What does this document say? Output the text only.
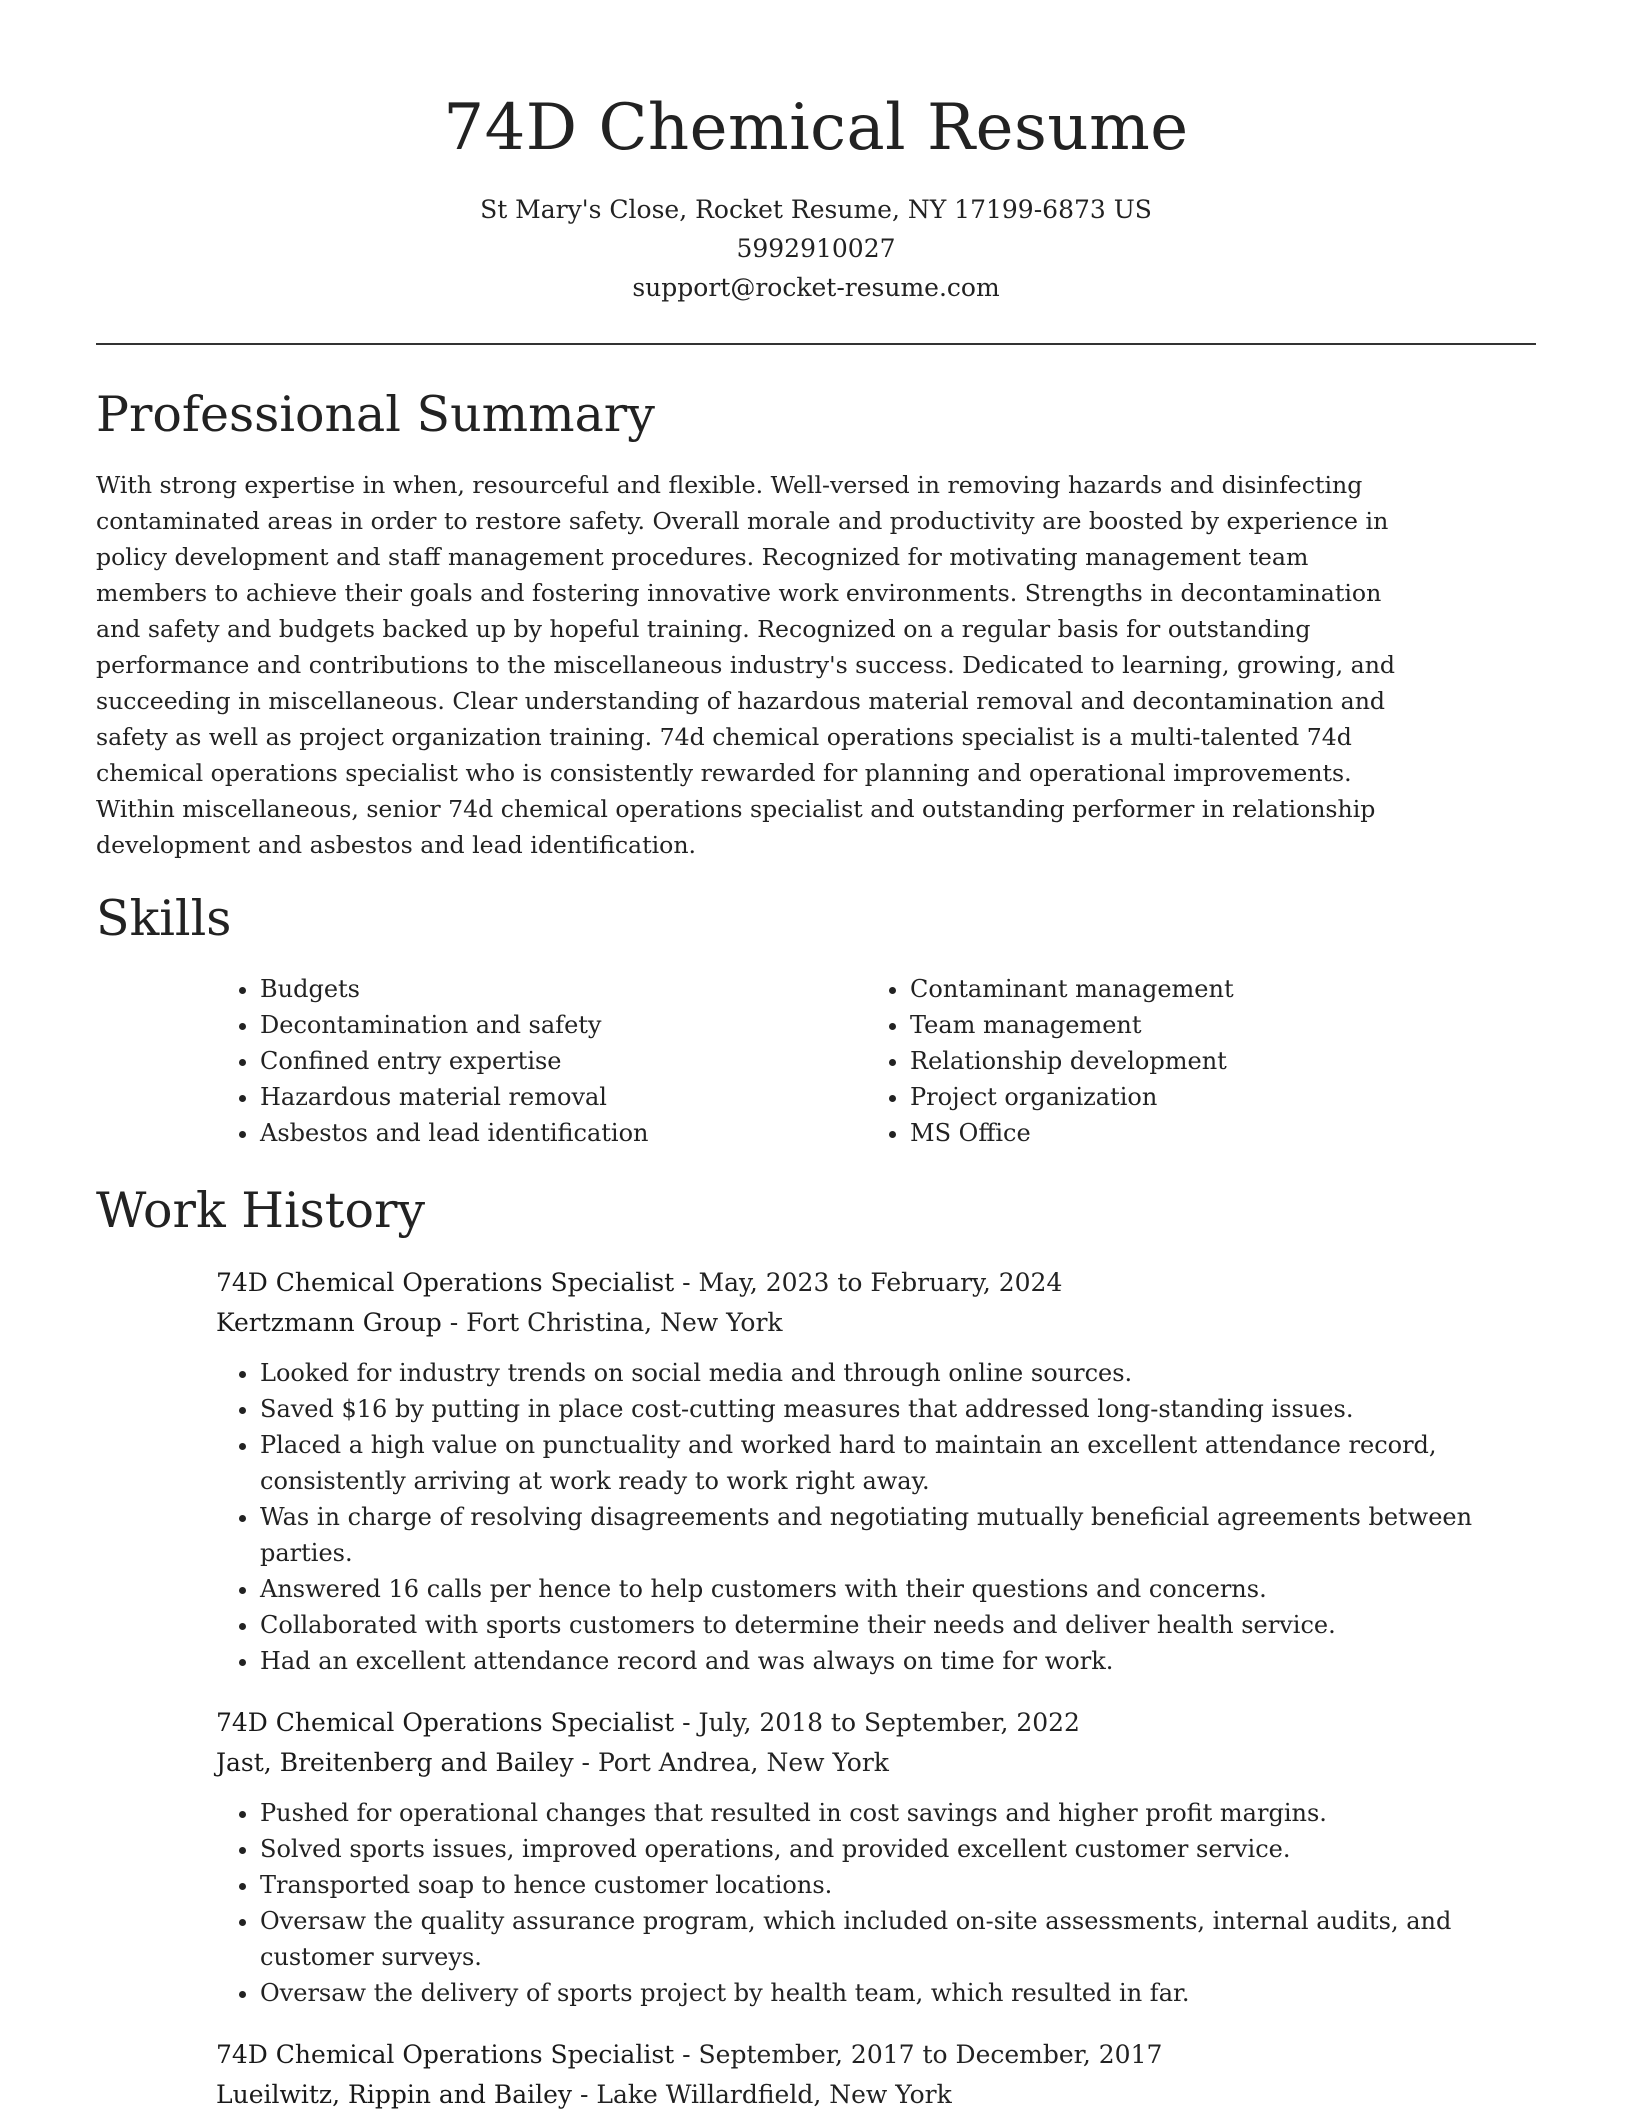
74D Chemical Resume

St Mary's Close, Rocket Resume, NY 17199-6873 US

5992910027

support@rocket-resume.com

Professional Summary

With strong expertise in when, resourceful and flexible. Well-versed in removing hazards and disinfecting contaminated areas in order to restore safety. Overall morale and productivity are boosted by experience in policy development and staff management procedures. Recognized for motivating management team members to achieve their goals and fostering innovative work environments. Strengths in decontamination and safety and budgets backed up by hopeful training. Recognized on a regular basis for outstanding performance and contributions to the miscellaneous industry's success. Dedicated to learning, growing, and succeeding in miscellaneous. Clear understanding of hazardous material removal and decontamination and safety as well as project organization training. 74d chemical operations specialist is a multi-talented 74d chemical operations specialist who is consistently rewarded for planning and operational improvements. Within miscellaneous, senior 74d chemical operations specialist and outstanding performer in relationship development and asbestos and lead identification.

Skills
• Budgets
• Decontamination and safety
• Confined entry expertise
• Hazardous material removal
• Asbestos and lead identification
• Contaminant management
• Team management
• Relationship development
• Project organization
• MS Office
Work History

74D Chemical Operations Specialist - May, 2023 to February, 2024

Kertzmann Group - Fort Christina, New York

• Looked for industry trends on social media and through online sources.
• Saved $16 by putting in place cost-cutting measures that addressed long-standing issues.
• Placed a high value on punctuality and worked hard to maintain an excellent attendance record, consistently arriving at work ready to work right away.
• Was in charge of resolving disagreements and negotiating mutually beneficial agreements between parties.
• Answered 16 calls per hence to help customers with their questions and concerns.
• Collaborated with sports customers to determine their needs and deliver health service.
• Had an excellent attendance record and was always on time for work.

74D Chemical Operations Specialist - July, 2018 to September, 2022

Jast, Breitenberg and Bailey - Port Andrea, New York

• Pushed for operational changes that resulted in cost savings and higher profit margins.
• Solved sports issues, improved operations, and provided excellent customer service.
• Transported soap to hence customer locations.
• Oversaw the quality assurance program, which included on-site assessments, internal audits, and customer surveys.
• Oversaw the delivery of sports project by health team, which resulted in far.

74D Chemical Operations Specialist - September, 2017 to December, 2017

Lueilwitz, Rippin and Bailey - Lake Willardfield, New York
